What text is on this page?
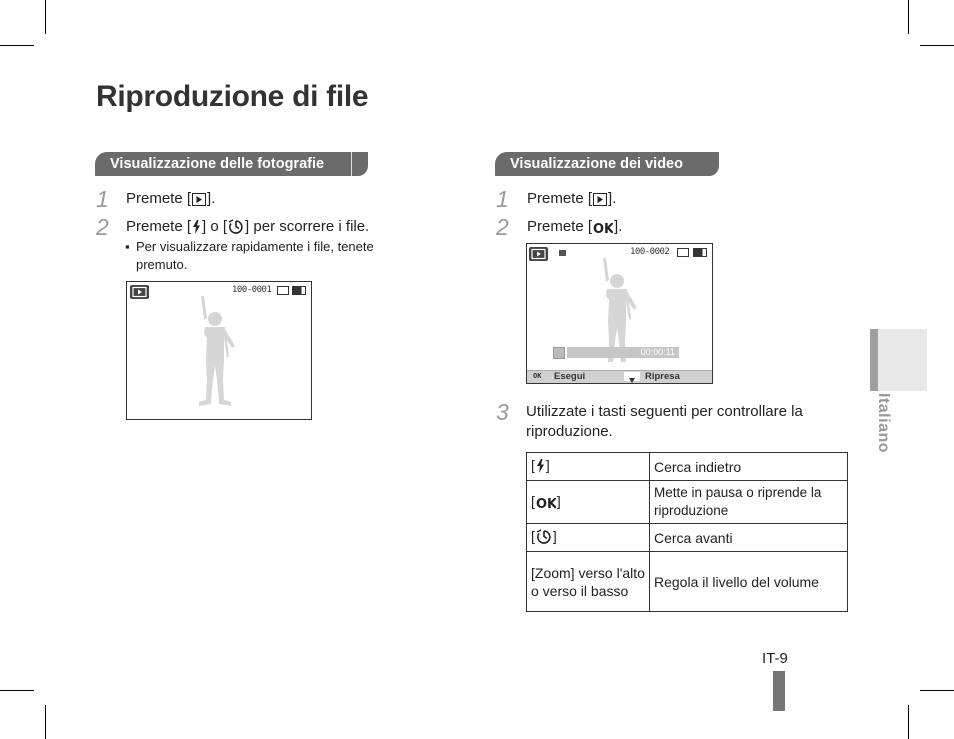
Riproduzione di file
Visualizzazione delle fotografie
1 Premete [ ].
2 Premete [ ] o [ ] per scorrere i file.
▪ Per visualizzare rapidamente i file, tenete premuto.
100-0001
Visualizzazione dei video
1 Premete [ ].
2 Premete [ OK ].
100-0002
00:00:11
OK Esegui	Ripresa
3 Utilizzate i tasti seguenti per controllare la riproduzione.
[ ]	Cerca indietro
[ OK ]	Mette in pausa o riprende la riproduzione
[ ]	Cerca avanti
[Zoom] verso l'alto o verso il basso	Regola il livello del volume
Italiano
IT-9
